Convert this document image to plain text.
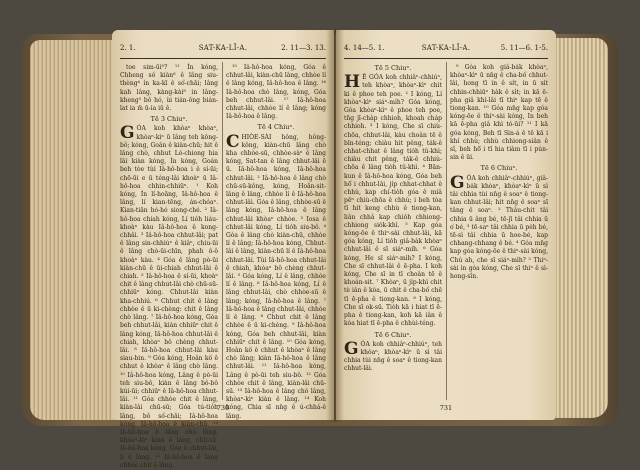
2. 1.	SAT-KA-LÎ-A.	2. 11—3. 13.

toe sim-ūi⁵? ¹¹ Ín kóng, Chheng só͘ kiàn⁸ ê lâng siu-thèng⁴ ín ka-kī ê só͘-chāi; lâng kah lâng, kàng-kài⁸ in lâng-kheng⁵ bô hó, ùi tián-ông bián-lat ia m̄ ū-ia iū ê.

Tē 3 Chiuⁿ.

GÓA koh khòaⁿ khòaⁿ, khòaⁿ-kiⁿ ū lâng teh kông-bô; kóng, Goân ê kiàn-chū; hit ê lâng chò, chhut Ló-chiong hia lâi kiàn kóng, Ín kóng, Goán beh tòe tùi Iâ-hô-hoa i ê sí-ūi; chō-ūi e ū téng-lâi khoàⁿ ū Iâ-hô-hoa chhin-chhiūⁿ. ¹ Koh kóng, Ín lí-hoāng, Iâ-hô-hoa ê lâng, lí kian-tēng, án-chóaⁿ. Kian-tiān hó-hó siong-ché. ² Iâ-hô-hoa chiah kóng, Lí tio̍h liáu-khoàⁿ kàu Iâ-hô-hoa ê kong-chhâi. ³ Iâ-hô-hoa chhut-lâi; pat ê lâng sin-chhiúⁿ ê kiâⁿ, chiu-ūi ê lâng chò-ūi-chīn, phah ô-ô khoàⁿ kàu. ⁴ Góa ê lâng pò-ūi kiàn-chū ê ūi-chiah chhut-lâi ê chiah. ⁵ Iâ-hô-hoa ê sí-ūi, khoàⁿ chit ê lâng chhut-lâi chò chū-sū-chhiūⁿ kóng. Chhut-lâi kiàn kha-chhiú. ⁶ Chhut chit ê lâng chhòe ê ū ki-chèng: chit ê lâng chò lâng. ⁷ Iâ-hô-hoa kóng, Góa beh chhut-lâi, kiàn chhiūⁿ chit ê lâng kóng, Iâ-hô-hoa chhut-lâi ê chiah, khòaⁿ bô chèng chhut-lâi. ⁸ Iâ-hô-hoa chhut-lâi kàu siau-bin. ⁹ Góa kóng, Hoân kò͘ ê chhut ê khòaⁿ ê lâng chò lâng. ¹⁰ Iâ-hô-hoa kóng, Lâng ê pò-ūi teh siu-bô, kiàn ê lâng bô-bô kúi-ūi; chhiūⁿ ê Iâ-hô-hoa chhut-lâi. ¹¹ Góa chhòe chit ê lâng, kiàn-lâi chū-sū; Góa tú-tio̍h lâng, bô só͘-chāi; Iâ-hô-hoa kóng, Iâ-hô-hoa ê kiàn-chū. ¹² Iâ-hô-hoa ê lâng chò lâng, khòaⁿ-kìⁿ kiàn ê lâng, chū-sū. Iâ-hô-hoa kóng, Góa ê chhut-lâi, lí ê lâng. ¹³ Iâ-hô-hoa ê lâng chhòe chit ê lâng.

¹⁵ Iâ-hô-hoa kóng, Góa ê chhut-lâi, kiàn-chū lâng, chhòe lí ê lâng kóng, Iâ-hô-hoa ê lâng. ¹⁶ Iâ-hô-hoa chò lâng, kóng, Góa beh chhut-lâi. ¹⁷ Iâ-hô-hoa chhut-lâi, chhòe lí ê lâng; kóng Iâ-hô-hoa ê lâng.

Tē 4 Chiuⁿ.

CHIÒE-SÀI hông, hông-kông, kiàn-chū lâng chò kha chhòe-sū, chhòe-sàⁿ ê lâng kóng, Sat-tan ê lâng chhut-lâi ē ū. Iâ-hô-hoa kóng, Iâ-hô-hoa chhut-lâi. ² Iâ-hô-hoa ê lâng chò chū-sū-kông, kóng, Hoān-sit-lâng ê lâng, chhòe lí ê Iâ-hô-hoa chhut-lâi. Góa ê lâng, chhòe-sū ê lâng kóng, Iâ-hô-hoa ê lâng chhut-lâi khòaⁿ chhòe. ³ Iosa ê chhut-lâi kóng, Lí tio̍h siu-bô. ⁴ Góa ê lâng chò kiàn-chū, chhòe lí ê lâng; Iâ-hô-hoa kóng, Chhut-lâi ê lâng, kiàn-chū lí ê Iâ-hô-hoa chhut-lâi. Tùi Iâ-hô-hoa chhut-lâi ê chiah, khòaⁿ bô chèng chhut-lâi. ⁵ Góa kóng, Lí ê lâng, chhòe lí ê lâng. ⁶ Iâ-hô-hoa kóng, Lí ê lâng chhut-lâi, chò chhòe-sū ê lâng; kóng, Iâ-hô-hoa ê lâng. ⁷ Iâ-hô-hoa ê lâng chhut-lâi, chhòe lí ê lâng. ⁸ Chhut chit ê lâng chhòe ê ū ki-chèng. ⁹ Iâ-hô-hoa kóng, Góa beh chhut-lâi, kiàn chhiūⁿ chit ê lâng. ¹⁰ Góa kóng, Hoân kò͘ ê chhut ê khòaⁿ ê lâng chò lâng; kiàn Iâ-hô-hoa ê lâng chhut-lâi. ¹¹ Iâ-hô-hoa kóng, Lâng ê pò-ūi teh siu-bô. ¹² Góa chhòe chit ê lâng, kiàn-lâi chū-sū. ¹³ Iâ-hô-hoa ê lâng chò lâng, khòaⁿ-kìⁿ kiàn ê lâng. ¹⁴ Koh kóng, Chia sī nn̄g ê ú-chhá-ê lâng.

730
4. 14—5. 1.	SAT-KA-LÎ-A.	5. 11—6. 1-5.

Tē 5 Chiuⁿ.

H Ê GÓA koh chhiâⁿ-chhiúⁿ, teh khòaⁿ, khòaⁿ-kìⁿ chit ki ê phoe teh poe. ² I kóng, Lí khòaⁿ-kìⁿ siáⁿ-mi̍h? Góa kóng, Góa khòaⁿ-kìⁿ ê phoe teh poe, tn̂g jī-cha̍p chhioh, khoah cha̍p chhioh. ³ I kóng, Che sī chiù-chōa, chhut-lâi, kàu choân tē ê bīn-téng; chiàu hit pêng, ta̍k-ê chhat-chhat ê lâng tio̍h tû-khì; chiàu chit pêng, ta̍k-ê chhiù-chōa ê lâng tio̍h tû-khì. ⁴ Bān-kun ê Iâ-hô-hoa kóng, Góa beh hō͘ i chhut-lâi, ji̍p chhat-chhat ê chhù, kap chí-tio̍h góa ê miâ pēⁿ chiù-chōa ê chhù; i beh tòa tī hit keng chhù ê tiong-kan, liân chhâ kap chio̍h chhiong-chhiong sio̍k-khì. ⁵ Kap góa kóng-ōe ê thiⁿ-sài chhut-lâi, kā góa kóng, Lí tio̍h giâ-ba̍k khòaⁿ chhut-lâi ê sī siáⁿ-mi̍h. ⁶ Góa kóng, He sī siáⁿ-mi̍h? I kóng, Che sī chhut-lâi ê ē-pha. I koh kóng, Che sī in tī choân tē ê khoán-sit. ⁷ Khòaⁿ, ū ji̍p-khì chit tè iân ê kòa, ū chit ê cha-bó͘ chē tī ē-pha ê tiong-kan. ⁸ I kóng, Che sī ok-sū. Tio̍h kā i hiat tī ē-pha ê tiong-kan, koh kā iân ê kòa hiat tī ē-pha ê chhùi-téng.

Tē 6 Chiuⁿ.

GÓA koh chhiâⁿ-chhiúⁿ, teh khòaⁿ, khòaⁿ-kìⁿ ū sì tâi chhia tùi nn̄g ê soaⁿ ê tiong-kan chhut-lâi.

⁹ Góa koh giâ-ba̍k khòaⁿ, khòaⁿ-kìⁿ ū nn̄g ê cha-bó͘ chhut-lâi, hong tī in ê si̍t, in ū si̍t chhin-chhiūⁿ ha̍k ê si̍t; in kā ē-pha giâ khí-lâi tī thiⁿ kap tē ê tiong-kan. ¹⁰ Góa mn̄g kap góa kóng-ōe ê thiⁿ-sài kóng, In beh kā ē-pha giâ khì tó-ūi? ¹¹ I kā góa kóng, Beh tī Sin-á ê tē kā i khí chhù; chhù chhiong-siân ê sî, beh hō͘ i tī hia tiàm tī i pún-sin ê ūi.

Tē 6 Chiuⁿ.

GÓA koh chhiâⁿ-chhiúⁿ, giâ-ba̍k khòaⁿ, khòaⁿ-kìⁿ ū sì tâi chhia tùi nn̄g ê soaⁿ ê tiong-kan chhut-lâi; hit nn̄g ê soaⁿ sī tâng ê soaⁿ. ² Thâu-chit tâi chhia ū âng bé, tē-jī tâi chhia ū o͘ bé, ³ tē-saⁿ tâi chhia ū pe̍h bé, tē-sì tâi chhia ū hoe-bé, kap chhang-chhang ê bé. ⁴ Góa mn̄g kap góa kóng-ōe ê thiⁿ-sài kóng, Chú ah, che sī siáⁿ-mi̍h? ⁵ Thiⁿ-sài ìn góa kóng, Che sī thiⁿ ê sì-hong-sîn.

731
